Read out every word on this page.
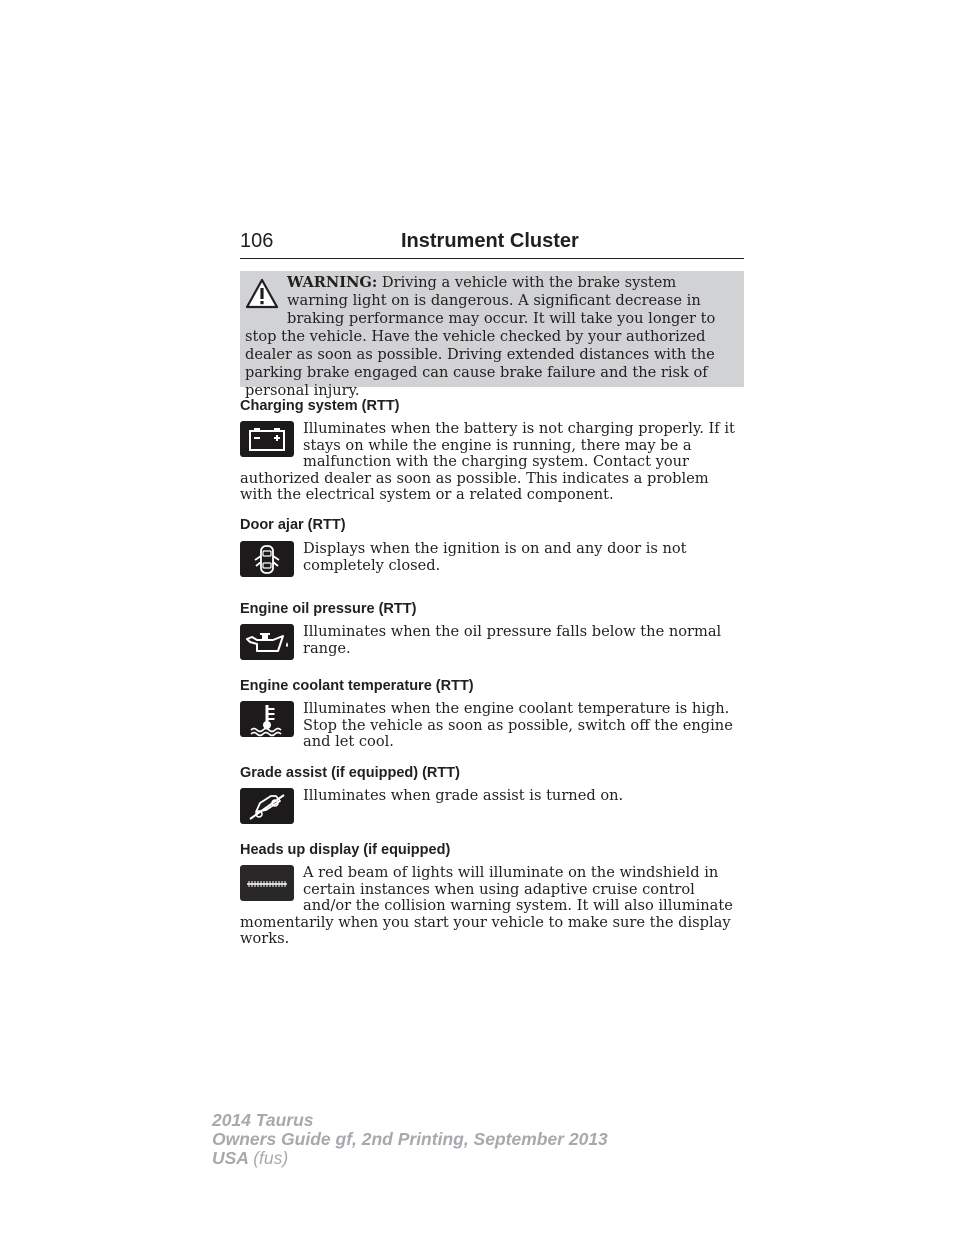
106	Instrument Cluster
WARNING: Driving a vehicle with the brake system warning light on is dangerous. A significant decrease in braking performance may occur. It will take you longer to stop the vehicle. Have the vehicle checked by your authorized dealer as soon as possible. Driving extended distances with the parking brake engaged can cause brake failure and the risk of personal injury.
Charging system (RTT)
Illuminates when the battery is not charging properly. If it stays on while the engine is running, there may be a malfunction with the charging system. Contact your authorized dealer as soon as possible. This indicates a problem with the electrical system or a related component.
Door ajar (RTT)
Displays when the ignition is on and any door is not completely closed.
Engine oil pressure (RTT)
Illuminates when the oil pressure falls below the normal range.
Engine coolant temperature (RTT)
Illuminates when the engine coolant temperature is high. Stop the vehicle as soon as possible, switch off the engine and let cool.
Grade assist (if equipped) (RTT)
Illuminates when grade assist is turned on.
Heads up display (if equipped)
A red beam of lights will illuminate on the windshield in certain instances when using adaptive cruise control and/or the collision warning system. It will also illuminate momentarily when you start your vehicle to make sure the display works.
2014 Taurus
Owners Guide gf, 2nd Printing, September 2013
USA (fus)
